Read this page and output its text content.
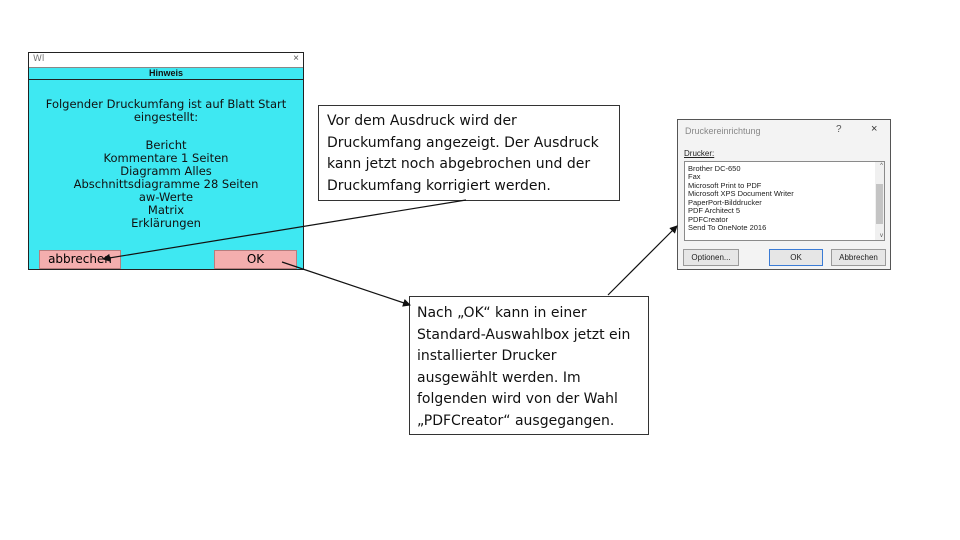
Wl	×
Hinweis
Folgender Druckumfang ist auf Blatt Start
eingestellt:
Bericht
Kommentare 1 Seiten
Diagramm Alles
Abschnittsdiagramme 28 Seiten
aw-Werte
Matrix
Erklärungen
abbrechen	OK
Vor dem Ausdruck wird der
Druckumfang angezeigt. Der Ausdruck
kann jetzt noch abgebrochen und der
Druckumfang korrigiert werden.
Nach „OK“ kann in einer
Standard-Auswahlbox jetzt ein
installierter Drucker
ausgewählt werden. Im
folgenden wird von der Wahl
„PDFCreator“ ausgegangen.
Druckereinrichtung	?	×
Drucker:
Brother DC-650
Fax
Microsoft Print to PDF
Microsoft XPS Document Writer
PaperPort-Bilddrucker
PDF Architect 5
PDFCreator
Send To OneNote 2016
^
v
Optionen...	OK	Abbrechen
